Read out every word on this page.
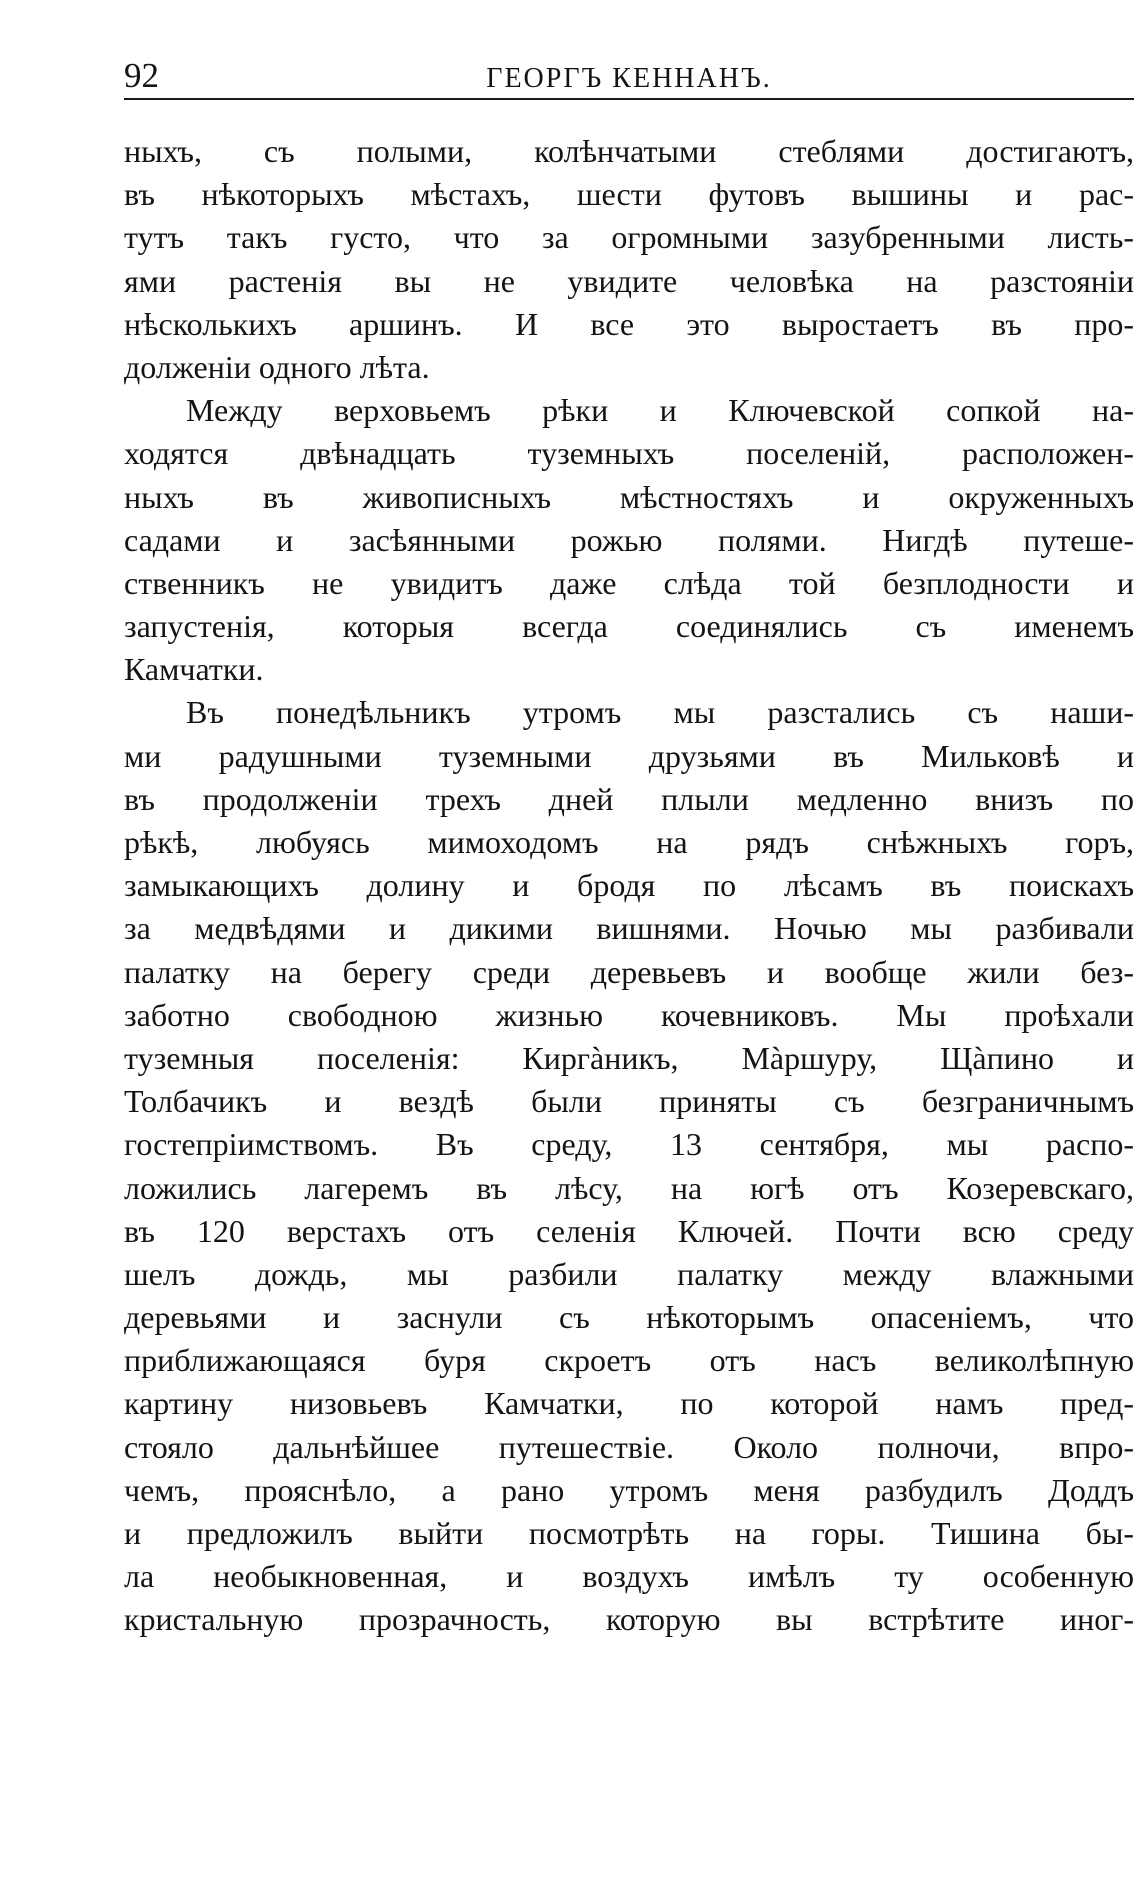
92	ГЕОРГЪ КЕННАНЪ.
ныхъ, съ полыми, колѣнчатыми стеблями достигаютъ,
въ нѣкоторыхъ мѣстахъ, шести футовъ вышины и рас-
тутъ такъ густо, что за огромными зазубренными листь-
ями растенія вы не увидите человѣка на разстояніи
нѣсколькихъ аршинъ. И все это выростаетъ въ про-
долженіи одного лѣта.
Между верховьемъ рѣки и Ключевской сопкой на-
ходятся двѣнадцать туземныхъ поселеній, расположен-
ныхъ въ живописныхъ мѣстностяхъ и окруженныхъ
садами и засѣянными рожью полями. Нигдѣ путеше-
ственникъ не увидитъ даже слѣда той безплодности и
запустенія, которыя всегда соединялись съ именемъ
Камчатки.
Въ понедѣльникъ утромъ мы разстались съ наши-
ми радушными туземными друзьями въ Мильковѣ и
въ продолженіи трехъ дней плыли медленно внизъ по
рѣкѣ, любуясь мимоходомъ на рядъ снѣжныхъ горъ,
замыкающихъ долину и бродя по лѣсамъ въ поискахъ
за медвѣдями и дикими вишнями. Ночью мы разбивали
палатку на берегу среди деревьевъ и вообще жили без-
заботно свободною жизнью кочевниковъ. Мы проѣхали
туземныя поселенія: Киргàникъ, Мàршуру, Щàпино и
Толбачикъ и вездѣ были приняты съ безграничнымъ
гостепріимствомъ. Въ среду, 13 сентября, мы распо-
ложились лагеремъ въ лѣсу, на югѣ отъ Козеревскаго,
въ 120 верстахъ отъ селенія Ключей. Почти всю среду
шелъ дождь, мы разбили палатку между влажными
деревьями и заснули съ нѣкоторымъ опасеніемъ, что
приближающаяся буря скроетъ отъ насъ великолѣпную
картину низовьевъ Камчатки, по которой намъ пред-
стояло дальнѣйшее путешествіе. Около полночи, впро-
чемъ, прояснѣло, а рано утромъ меня разбудилъ Доддъ
и предложилъ выйти посмотрѣть на горы. Тишина бы-
ла необыкновенная, и воздухъ имѣлъ ту особенную
кристальную прозрачность, которую вы встрѣтите иног-
